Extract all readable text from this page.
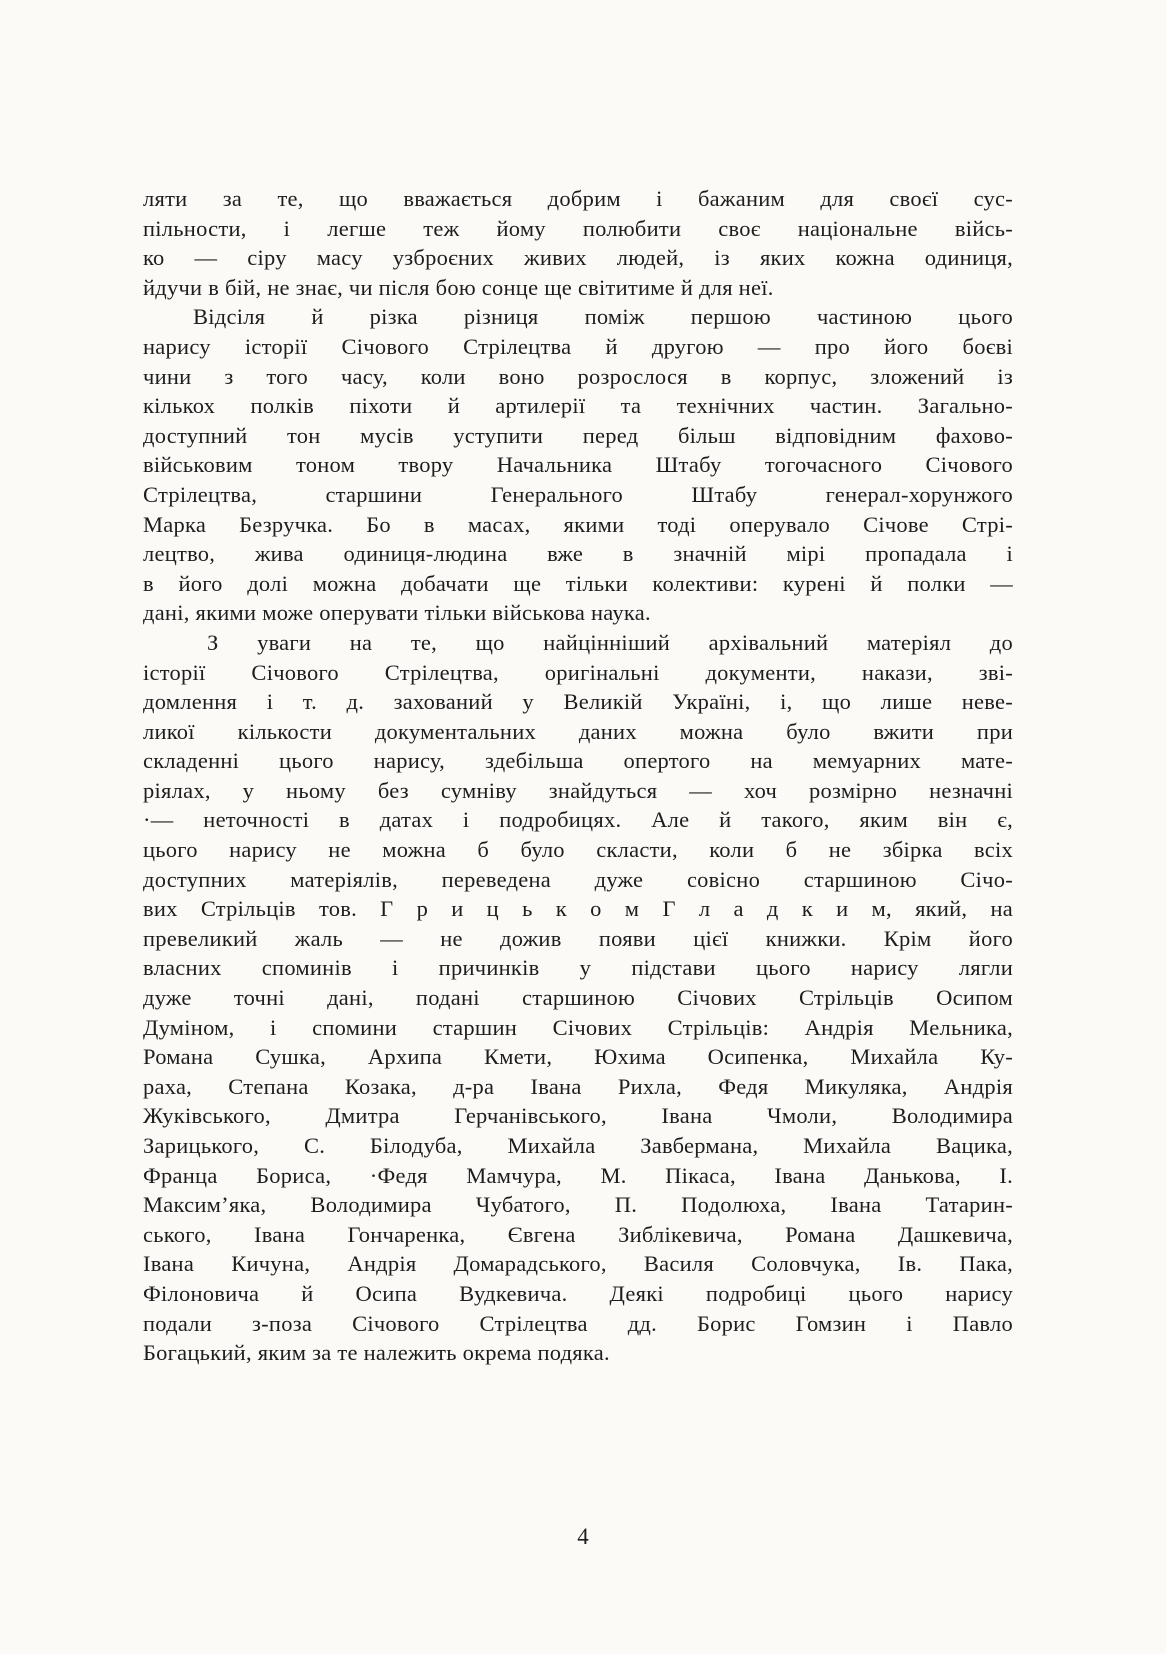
ляти за те, що вважається добрим і бажаним для своєї сус-
пільности, і легше теж йому полюбити своє національне війсь-
ко — сіру масу узброєних живих людей, із яких кожна одиниця,
йдучи в бій, не знає, чи після бою сонце ще світитиме й для неї.
Відсіля й різка різниця поміж першою частиною цього
нарису історії Січового Стрілецтва й другою — про його боєві
чини з того часу, коли воно розрослося в корпус, зложений із
кількох полків піхоти й артилерії та технічних частин. Загально-
доступний тон мусів уступити перед більш відповідним фахово-
військовим тоном твору Начальника Штабу тогочасного Січового
Стрілецтва, старшини Генерального Штабу генерал-хорунжого
Марка Безручка. Бо в масах, якими тоді оперувало Січове Стрі-
лецтво, жива одиниця-людина вже в значній мірі пропадала і
в його долі можна добачати ще тільки колективи: курені й полки —
дані, якими може оперувати тільки військова наука.
З уваги на те, що найцінніший архівальний матеріял до
історії Січового Стрілецтва, оригінальні документи, накази, зві-
домлення і т. д. захований у Великій Україні, і, що лише неве-
ликої кількости документальних даних можна було вжити при
складенні цього нарису, здебільша опертого на мемуарних мате-
ріялах, у ньому без сумніву знайдуться — хоч розмірно незначні
·— неточності в датах і подробицях. Але й такого, яким він є,
цього нарису не можна б було скласти, коли б не збірка всіх
доступних матеріялів, переведена дуже совісно старшиною Січо-
вих Стрільців тов. Г р и ц ь к о м Г л а д к и м, який, на
превеликий жаль — не дожив появи цієї книжки. Крім його
власних споминів і причинків у підстави цього нарису лягли
дуже точні дані, подані старшиною Січових Стрільців Осипом
Думіном, і спомини старшин Січових Стрільців: Андрія Мельника,
Романа Сушка, Архипа Кмети, Юхима Осипенка, Михайла Ку-
раха, Степана Козака, д-ра Івана Рихла, Федя Микуляка, Андрія
Жуківського, Дмитра Герчанівського, Івана Чмоли, Володимира
Зарицького, С. Білодуба, Михайла Завбермана, Михайла Вацика,
Франца Бориса, ·Федя Мамчура, М. Пікаса, Івана Данькова, І.
Максим’яка, Володимира Чубатого, П. Подолюха, Івана Татарин-
ського, Івана Гончаренка, Євгена Зиблікевича, Романа Дашкевича,
Івана Кичуна, Андрія Домарадського, Василя Соловчука, Ів. Пака,
Філоновича й Осипа Вудкевича. Деякі подробиці цього нарису
подали з-поза Січового Стрілецтва дд. Борис Гомзин і Павло
Богацький, яким за те належить окрема подяка.
4
